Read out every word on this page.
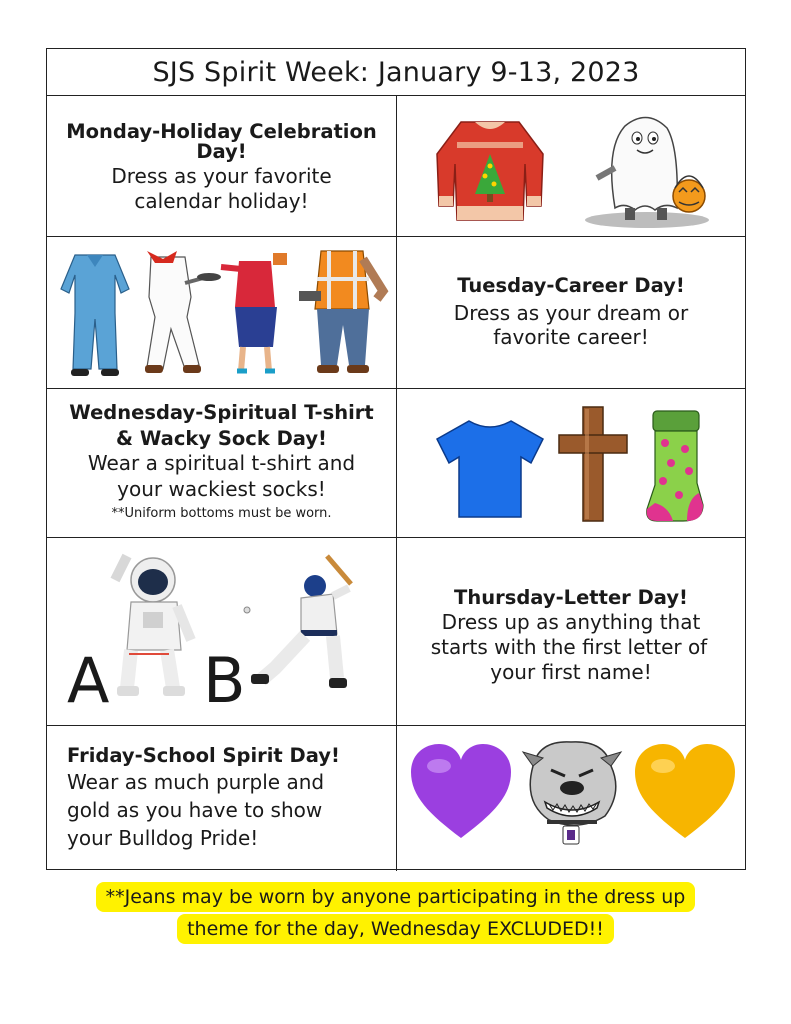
SJS Spirit Week: January 9-13, 2023
Monday-Holiday Celebration
Day!
Dress as your favorite
calendar holiday!
Tuesday-Career Day!
Dress as your dream or
favorite career!
Wednesday-Spiritual T-shirt
& Wacky Sock Day!
Wear a spiritual t-shirt and
your wackiest socks!
**Uniform bottoms must be worn.
A B
Thursday-Letter Day!
Dress up as anything that
starts with the first letter of
your first name!
Friday-School Spirit Day!
Wear as much purple and
gold as you have to show
your Bulldog Pride!
**Jeans may be worn by anyone participating in the dress up
theme for the day, Wednesday EXCLUDED!!
